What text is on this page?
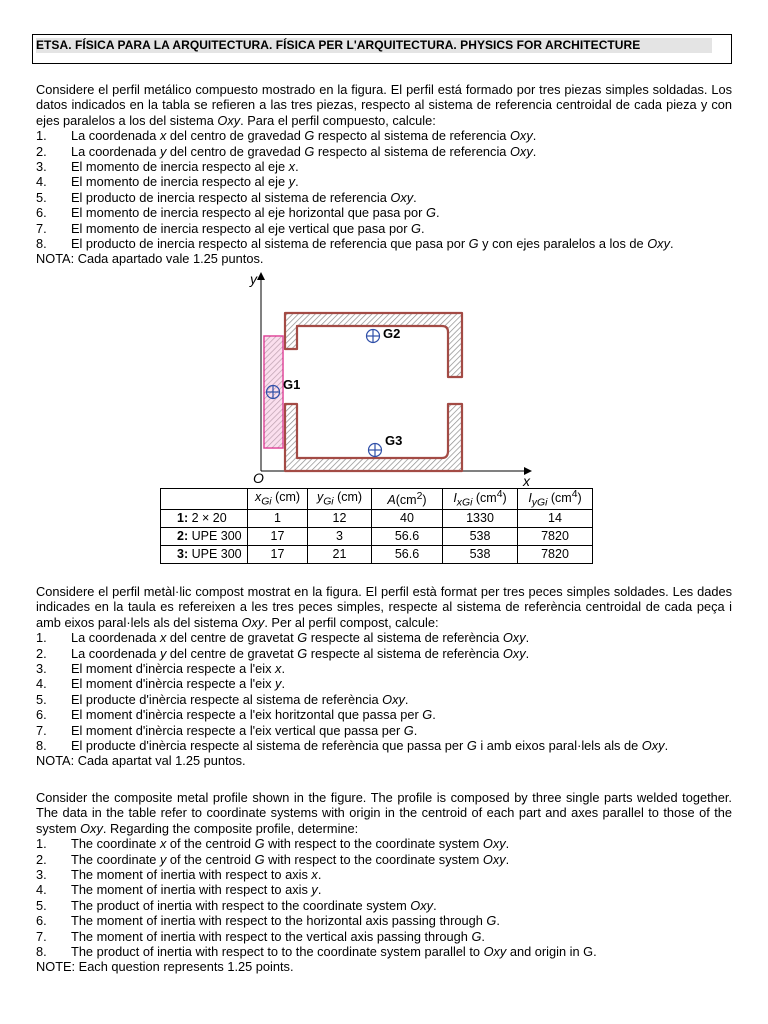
ETSA. FÍSICA PARA LA ARQUITECTURA. FÍSICA PER L'ARQUITECTURA. PHYSICS FOR ARCHITECTURE

Considere el perfil metálico compuesto mostrado en la figura. El perfil está formado por tres piezas simples soldadas. Los datos indicados en la tabla se refieren a las tres piezas, respecto al sistema de referencia centroidal de cada pieza y con ejes paralelos a los del sistema Oxy. Para el perfil compuesto, calcule:

1. La coordenada x del centro de gravedad G respecto al sistema de referencia Oxy.
2. La coordenada y del centro de gravedad G respecto al sistema de referencia Oxy.
3. El momento de inercia respecto al eje x.
4. El momento de inercia respecto al eje y.
5. El producto de inercia respecto al sistema de referencia Oxy.
6. El momento de inercia respecto al eje horizontal que pasa por G.
7. El momento de inercia respecto al eje vertical que pasa por G.
8. El producto de inercia respecto al sistema de referencia que pasa por G y con ejes paralelos a los de Oxy.

NOTA: Cada apartado vale 1.25 puntos.

y
x
O
G1
G2
G3
	$x_{Gi}$ (cm)	$y_{Gi}$ (cm)	$A(cm^2)$	$I_{xGi}$ $(cm^4)$	$I_{yGi}$ $(cm^4)$
1: 2 × 20	1	12	40	1330	14
2: UPE 300	17	3	56.6	538	7820
3: UPE 300	17	21	56.6	538	7820

Considere el perfil metàl·lic compost mostrat en la figura. El perfil està format per tres peces simples soldades. Les dades indicades en la taula es refereixen a les tres peces simples, respecte al sistema de referència centroidal de cada peça i amb eixos paral·lels als del sistema Oxy. Per al perfil compost, calcule:

1. La coordenada x del centre de gravetat G respecte al sistema de referència Oxy.
2. La coordenada y del centre de gravetat G respecte al sistema de referència Oxy.
3. El moment d'inèrcia respecte a l'eix x.
4. El moment d'inèrcia respecte a l'eix y.
5. El producte d'inèrcia respecte al sistema de referència Oxy.
6. El moment d'inèrcia respecte a l'eix horitzontal que passa per G.
7. El moment d'inèrcia respecte a l'eix vertical que passa per G.
8. El producte d'inèrcia respecte al sistema de referència que passa per G i amb eixos paral·lels als de Oxy.

NOTA: Cada apartat val 1.25 puntos.

Consider the composite metal profile shown in the figure. The profile is composed by three single parts welded together. The data in the table refer to coordinate systems with origin in the centroid of each part and axes parallel to those of the system Oxy. Regarding the composite profile, determine:

1. The coordinate x of the centroid G with respect to the coordinate system Oxy.
2. The coordinate y of the centroid G with respect to the coordinate system Oxy.
3. The moment of inertia with respect to axis x.
4. The moment of inertia with respect to axis y.
5. The product of inertia with respect to the coordinate system Oxy.
6. The moment of inertia with respect to the horizontal axis passing through G.
7. The moment of inertia with respect to the vertical axis passing through G.
8. The product of inertia with respect to to the coordinate system parallel to Oxy and origin in G.

NOTE: Each question represents 1.25 points.
